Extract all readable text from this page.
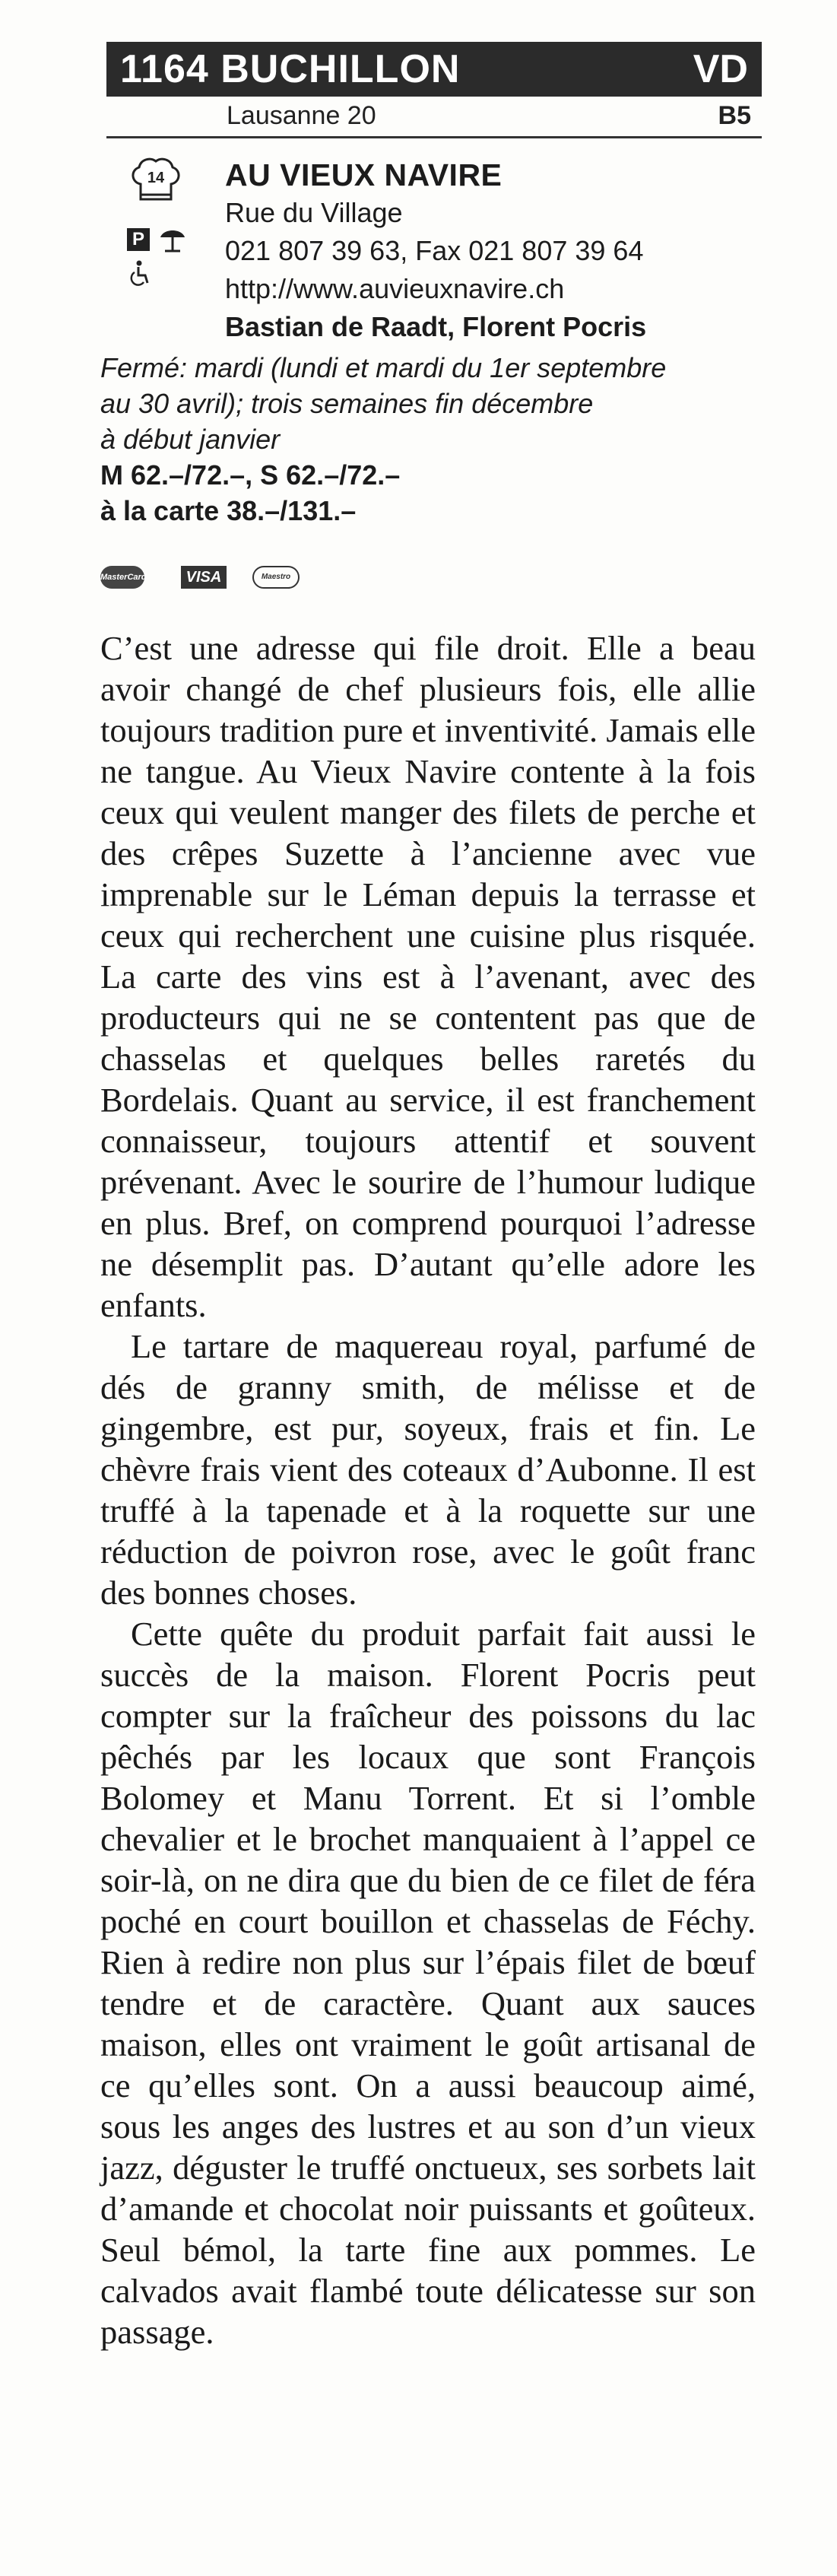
1164 BUCHILLON	VD
Lausanne 20	B5
14
P
AU VIEUX NAVIRE
Rue du Village
021 807 39 63, Fax 021 807 39 64
http://www.auvieuxnavire.ch
Bastian de Raadt, Florent Pocris
Fermé: mardi (lundi et mardi du 1er septembre
au 30 avril); trois semaines fin décembre
à début janvier
M 62.–/72.–, S 62.–/72.–
à la carte 38.–/131.–
MasterCard	VISA	Maestro

C’est une adresse qui file droit. Elle a beau avoir changé de chef plusieurs fois, elle allie toujours tradition pure et inventivité. Jamais elle ne tangue. Au Vieux Navire contente à la fois ceux qui veulent manger des filets de perche et des crêpes Suzette à l’ancienne avec vue imprenable sur le Léman depuis la terrasse et ceux qui recherchent une cuisine plus risquée. La carte des vins est à l’avenant, avec des producteurs qui ne se contentent pas que de chasselas et quelques belles raretés du Bordelais. Quant au service, il est franchement connaisseur, toujours attentif et souvent prévenant. Avec le sourire de l’humour ludique en plus. Bref, on comprend pourquoi l’adresse ne désemplit pas. D’autant qu’elle adore les enfants.

Le tartare de maquereau royal, parfumé de dés de granny smith, de mélisse et de gingembre, est pur, soyeux, frais et fin. Le chèvre frais vient des coteaux d’Aubonne. Il est truffé à la tapenade et à la roquette sur une réduction de poivron rose, avec le goût franc des bonnes choses.

Cette quête du produit parfait fait aussi le succès de la maison. Florent Pocris peut compter sur la fraîcheur des poissons du lac pêchés par les locaux que sont François Bolomey et Manu Torrent. Et si l’omble chevalier et le brochet manquaient à l’appel ce soir-là, on ne dira que du bien de ce filet de féra poché en court bouillon et chasselas de Féchy. Rien à redire non plus sur l’épais filet de bœuf tendre et de caractère. Quant aux sauces maison, elles ont vraiment le goût artisanal de ce qu’elles sont. On a aussi beaucoup aimé, sous les anges des lustres et au son d’un vieux jazz, déguster le truffé onctueux, ses sorbets lait d’amande et chocolat noir puissants et goûteux. Seul bémol, la tarte fine aux pommes. Le calvados avait flambé toute délicatesse sur son passage.
